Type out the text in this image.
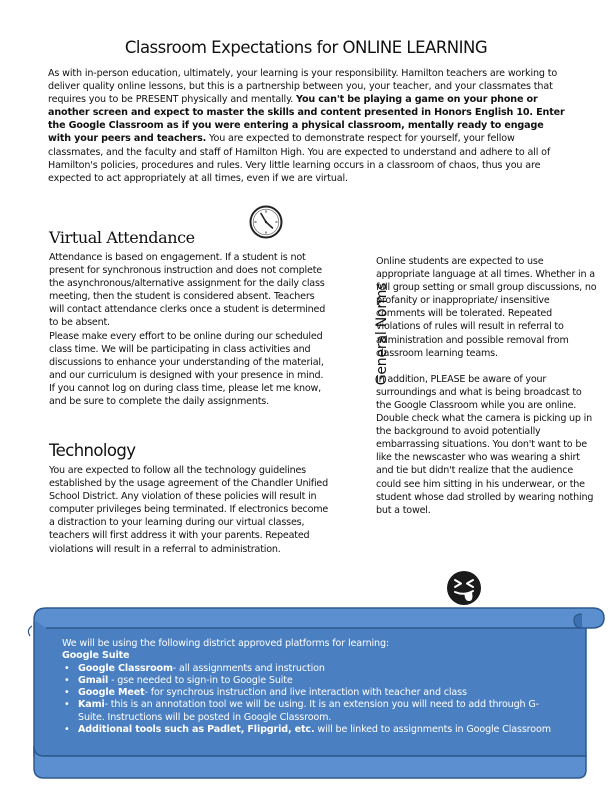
Classroom Expectations for ONLINE LEARNING

As with in-person education, ultimately, your learning is your responsibility. Hamilton teachers are working to deliver quality online lessons, but this is a partnership between you, your teacher, and your classmates that requires you to be PRESENT physically and mentally. You can't be playing a game on your phone or another screen and expect to master the skills and content presented in Honors English 10. Enter the Google Classroom as if you were entering a physical classroom, mentally ready to engage with your peers and teachers. You are expected to demonstrate respect for yourself, your fellow classmates, and the faculty and staff of Hamilton High. You are expected to understand and adhere to all of Hamilton's policies, procedures and rules. Very little learning occurs in a classroom of chaos, thus you are expected to act appropriately at all times, even if we are virtual.

Virtual Attendance

Attendance is based on engagement. If a student is not present for synchronous instruction and does not complete the asynchronous/alternative assignment for the daily class meeting, then the student is considered absent. Teachers will contact attendance clerks once a student is determined to be absent.

Please make every effort to be online during our scheduled class time. We will be participating in class activities and discussions to enhance your understanding of the material, and our curriculum is designed with your presence in mind. If you cannot log on during class time, please let me know, and be sure to complete the daily assignments.

Technology

You are expected to follow all the technology guidelines established by the usage agreement of the Chandler Unified School District. Any violation of these policies will result in computer privileges being terminated. If electronics become a distraction to your learning during our virtual classes, teachers will first address it with your parents. Repeated violations will result in a referral to administration.

General Norms

Online students are expected to use appropriate language at all times. Whether in a full group setting or small group discussions, no profanity or inappropriate/ insensitive comments will be tolerated. Repeated violations of rules will result in referral to administration and possible removal from classroom learning teams.

In addition, PLEASE be aware of your surroundings and what is being broadcast to the Google Classroom while you are online. Double check what the camera is picking up in the background to avoid potentially embarrassing situations. You don't want to be like the newscaster who was wearing a shirt and tie but didn't realize that the audience could see him sitting in his underwear, or the student whose dad strolled by wearing nothing but a towel.

We will be using the following district approved platforms for learning:
Google Suite
• Google Classroom- all assignments and instruction
• Gmail - gse needed to sign-in to Google Suite
• Google Meet- for synchrous instruction and live interaction with teacher and class
• Kami- this is an annotation tool we will be using. It is an extension you will need to add through G-Suite. Instructions will be posted in Google Classroom.
• Additional tools such as Padlet, Flipgrid, etc. will be linked to assignments in Google Classroom
